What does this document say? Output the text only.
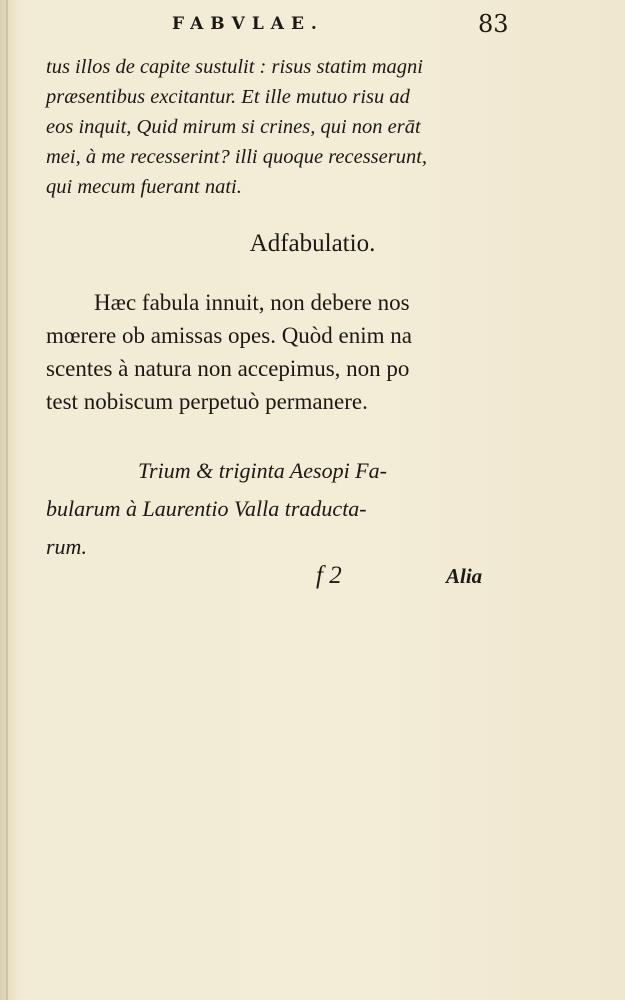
FABVLAE.	83
tus illos de capite sustulit : risus statim magni
præsentibus excitantur. Et ille mutuo risu ad
eos inquit, Quid mirum si crines, qui non erāt
mei, à me recesserint? illi quoque recesserunt,
qui mecum fuerant nati.
Adfabulatio.
Hæc fabula innuit, non debere nos
mœrere ob amissas opes. Quòd enim na
scentes à natura non accepimus, non po
test nobiscum perpetuò permanere.
Trium & triginta Aesopi Fa-
bularum à Laurentio Valla traducta-
rum.
f 2	Alia
